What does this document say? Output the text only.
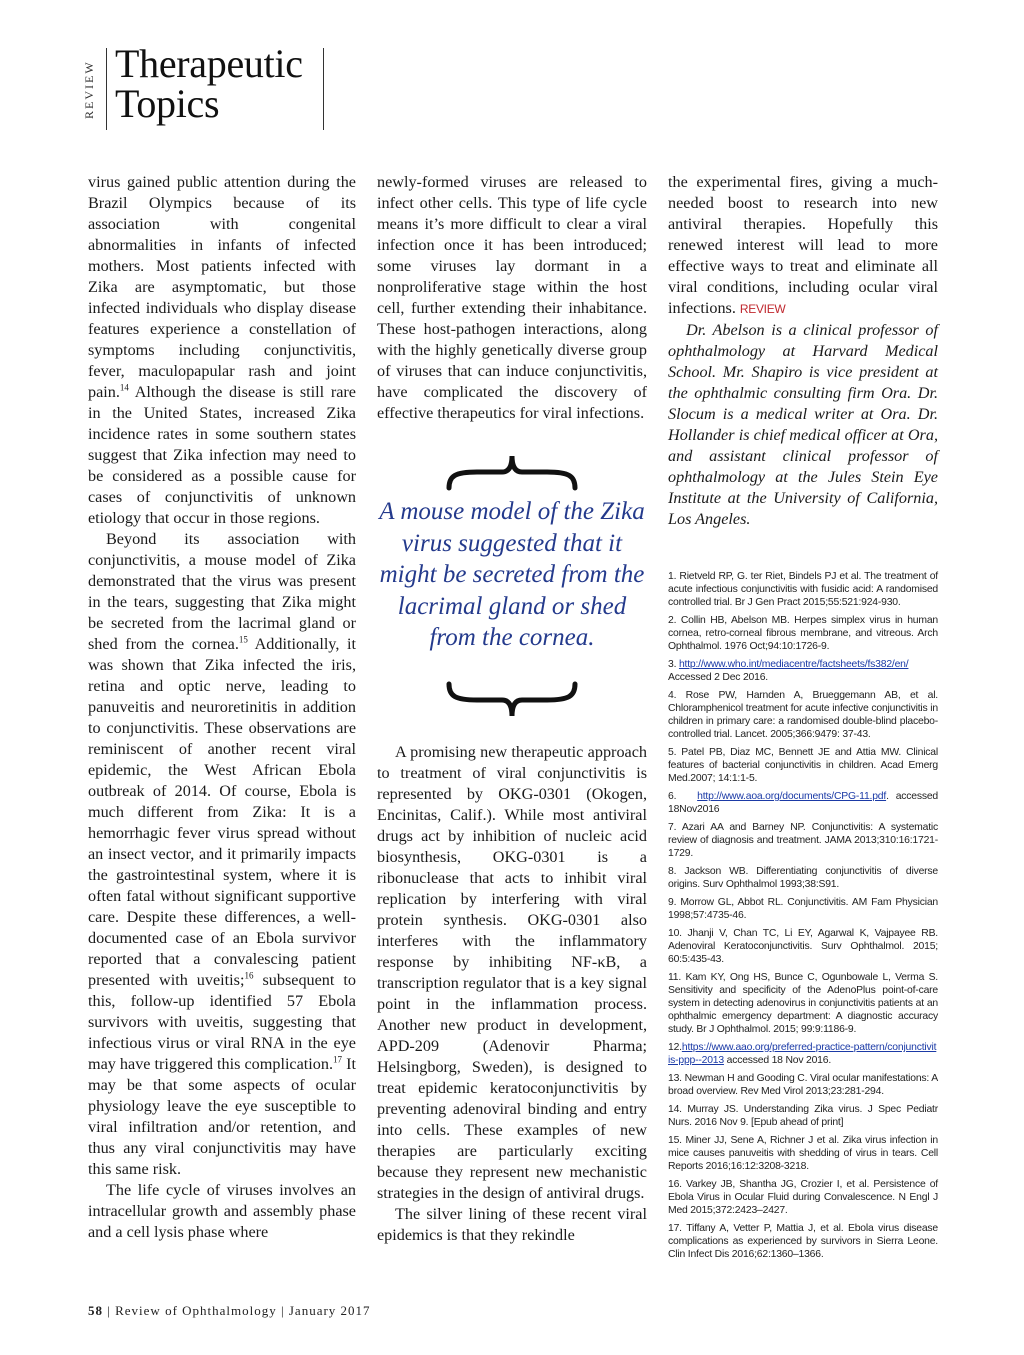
REVIEW Therapeutic
Topics

virus gained public attention during the Brazil Olympics because of its association with congenital abnormalities in infants of infected mothers. Most patients infected with Zika are asymptomatic, but those infected individuals who display disease features experience a constellation of symptoms including conjunctivitis, fever, maculopapular rash and joint pain.$^{14}$ Although the disease is still rare in the United States, increased Zika incidence rates in some southern states suggest that Zika infection may need to be considered as a possible cause for cases of conjunctivitis of unknown etiology that occur in those regions.

Beyond its association with conjunctivitis, a mouse model of Zika demonstrated that the virus was present in the tears, suggesting that Zika might be secreted from the lacrimal gland or shed from the cornea.$^{15}$ Additionally, it was shown that Zika infected the iris, retina and optic nerve, leading to panuveitis and neuroretinitis in addition to conjunctivitis. These observations are reminiscent of another recent viral epidemic, the West African Ebola outbreak of 2014. Of course, Ebola is much different from Zika: It is a hemorrhagic fever virus spread without an insect vector, and it primarily impacts the gastrointestinal system, where it is often fatal without significant supportive care. Despite these differences, a well-documented case of an Ebola survivor reported that a convalescing patient presented with uveitis;$^{16}$ subsequent to this, follow-up identified 57 Ebola survivors with uveitis, suggesting that infectious virus or viral RNA in the eye may have triggered this complication.$^{17}$ It may be that some aspects of ocular physiology leave the eye susceptible to viral infiltration and/or retention, and thus any viral conjunctivitis may have this same risk.

The life cycle of viruses involves an intracellular growth and assembly phase and a cell lysis phase where

newly-formed viruses are released to infect other cells. This type of life cycle means it’s more difficult to clear a viral infection once it has been introduced; some viruses lay dormant in a nonproliferative stage within the host cell, further extending their inhabitance. These host-pathogen interactions, along with the highly genetically diverse group of viruses that can induce conjunctivitis, have complicated the discovery of effective therapeutics for viral infections.

A mouse model of the Zika virus suggested that it might be secreted from the lacrimal gland or shed from the cornea.

A promising new therapeutic approach to treatment of viral conjunctivitis is represented by OKG-0301 (Okogen, Encinitas, Calif.). While most antiviral drugs act by inhibition of nucleic acid biosynthesis, OKG-0301 is a ribonuclease that acts to inhibit viral replication by interfering with viral protein synthesis. OKG-0301 also interferes with the inflammatory response by inhibiting NF-κB, a transcription regulator that is a key signal point in the inflammation process. Another new product in development, APD-209 (Adenovir Pharma; Helsingborg, Sweden), is designed to treat epidemic keratoconjunctivitis by preventing adenoviral binding and entry into cells. These examples of new therapies are particularly exciting because they represent new mechanistic strategies in the design of antiviral drugs.

The silver lining of these recent viral epidemics is that they rekindle

the experimental fires, giving a much-needed boost to research into new antiviral therapies. Hopefully this renewed interest will lead to more effective ways to treat and eliminate all viral conditions, including ocular viral infections. REVIEW

Dr. Abelson is a clinical professor of ophthalmology at Harvard Medical School. Mr. Shapiro is vice president at the ophthalmic consulting firm Ora. Dr. Slocum is a medical writer at Ora. Dr. Hollander is chief medical officer at Ora, and assistant clinical professor of ophthalmology at the Jules Stein Eye Institute at the University of California, Los Angeles.

1. Rietveld RP, G. ter Riet, Bindels PJ et al. The treatment of acute infectious conjunctivitis with fusidic acid: A randomised controlled trial. Br J Gen Pract 2015;55:521:924-930.
2. Collin HB, Abelson MB. Herpes simplex virus in human cornea, retro-corneal fibrous membrane, and vitreous. Arch Ophthalmol. 1976 Oct;94:10:1726-9.
3. http://www.who.int/mediacentre/factsheets/fs382/en/
Accessed 2 Dec 2016.
4. Rose PW, Harnden A, Brueggemann AB, et al. Chloramphenicol treatment for acute infective conjunctivitis in children in primary care: a randomised double-blind placebo-controlled trial. Lancet. 2005;366:9479: 37-43.
5. Patel PB, Diaz MC, Bennett JE and Attia MW. Clinical features of bacterial conjunctivitis in children. Acad Emerg Med.2007; 14:1:1-5.
6. http://www.aoa.org/documents/CPG-11.pdf. accessed 18Nov2016
7. Azari AA and Barney NP. Conjunctivitis: A systematic review of diagnosis and treatment. JAMA 2013;310:16:1721-1729.
8. Jackson WB. Differentiating conjunctivitis of diverse origins. Surv Ophthalmol 1993;38:S91.
9. Morrow GL, Abbot RL. Conjunctivitis. AM Fam Physician 1998;57:4735-46.
10. Jhanji V, Chan TC, Li EY, Agarwal K, Vajpayee RB. Adenoviral Keratoconjunctivitis. Surv Ophthalmol. 2015; 60:5:435-43.
11. Kam KY, Ong HS, Bunce C, Ogunbowale L, Verma S. Sensitivity and specificity of the AdenoPlus point-of-care system in detecting adenovirus in conjunctivitis patients at an ophthalmic emergency department: A diagnostic accuracy study. Br J Ophthalmol. 2015; 99:9:1186-9.
12.https://www.aao.org/preferred-practice-pattern/conjunctivitis-ppp--2013 accessed 18 Nov 2016.
13. Newman H and Gooding C. Viral ocular manifestations: A broad overview. Rev Med Virol 2013;23:281-294.
14. Murray JS. Understanding Zika virus. J Spec Pediatr Nurs. 2016 Nov 9. [Epub ahead of print]
15. Miner JJ, Sene A, Richner J et al. Zika virus infection in mice causes panuveitis with shedding of virus in tears. Cell Reports 2016;16:12:3208-3218.
16. Varkey JB, Shantha JG, Crozier I, et al. Persistence of Ebola Virus in Ocular Fluid during Convalescence. N Engl J Med 2015;372:2423–2427.
17. Tiffany A, Vetter P, Mattia J, et al. Ebola virus disease complications as experienced by survivors in Sierra Leone. Clin Infect Dis 2016;62:1360–1366.
58 | Review of Ophthalmology | January 2017
